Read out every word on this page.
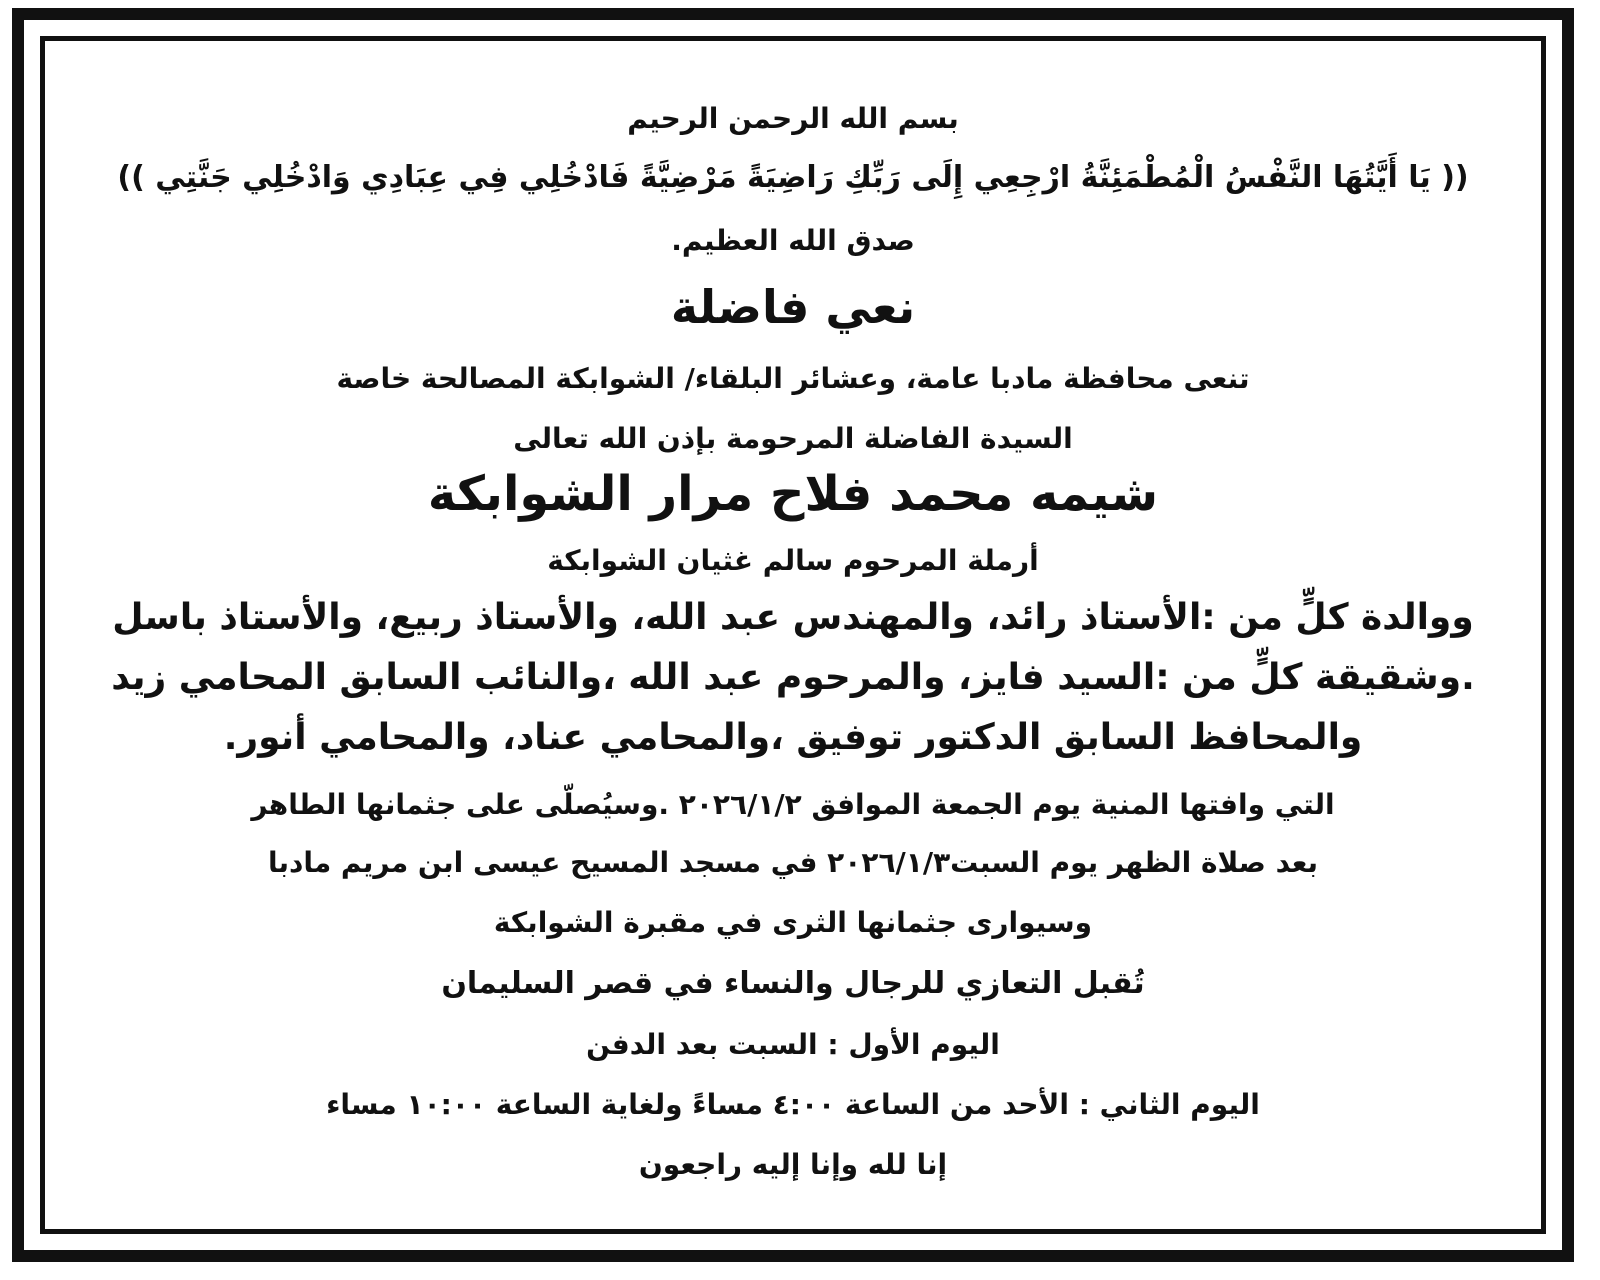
بسم الله الرحمن الرحيم
(( يَا أَيَّتُهَا النَّفْسُ الْمُطْمَئِنَّةُ ارْجِعِي إِلَى رَبِّكِ رَاضِيَةً مَرْضِيَّةً فَادْخُلِي فِي عِبَادِي وَادْخُلِي جَنَّتِي ))
صدق الله العظيم.
نعي فاضلة
تنعى محافظة مادبا عامة، وعشائر البلقاء/ الشوابكة المصالحة خاصة
السيدة الفاضلة المرحومة بإذن الله تعالى
شيمه محمد فلاح مرار الشوابكة
أرملة المرحوم سالم غثيان الشوابكة
ووالدة كلٍّ من :الأستاذ رائد، والمهندس عبد الله، والأستاذ ربيع، والأستاذ باسل
.وشقيقة كلٍّ من :السيد فايز، والمرحوم عبد الله ،والنائب السابق المحامي زيد
والمحافظ السابق الدكتور توفيق ،والمحامي عناد، والمحامي أنور.
التي وافتها المنية يوم الجمعة الموافق ٢٠٢٦/١/٢ .وسيُصلّى على جثمانها الطاهر
بعد صلاة الظهر يوم السبت٢٠٢٦/١/٣ في مسجد المسيح عيسى ابن مريم مادبا
وسيوارى جثمانها الثرى في مقبرة الشوابكة
تُقبل التعازي للرجال والنساء في قصر السليمان
اليوم الأول : السبت بعد الدفن
اليوم الثاني : الأحد من الساعة ٤:٠٠ مساءً ولغاية الساعة ١٠:٠٠ مساء
إنا لله وإنا إليه راجعون
